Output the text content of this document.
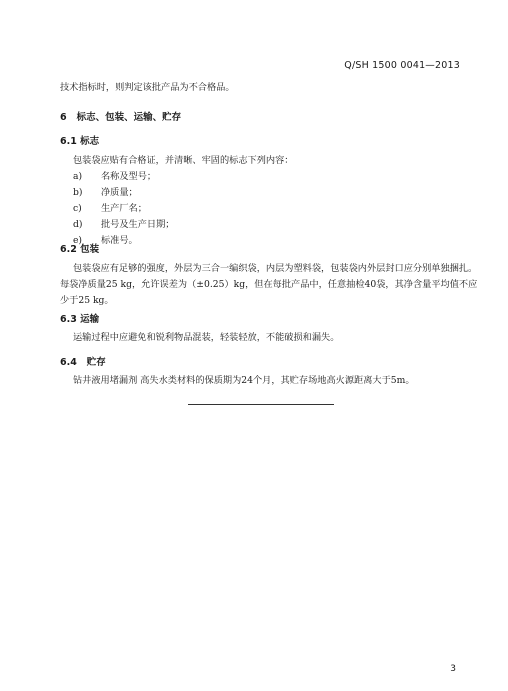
Q/SH 1500 0041—2013
技术指标时，则判定该批产品为不合格品。
6 标志、包装、运输、贮存
6.1 标志
包装袋应贴有合格证，并清晰、牢固的标志下列内容：
a)	名称及型号；
b)	净质量；
c)	生产厂名；
d)	批号及生产日期；
e)	标准号。
6.2 包装
包装袋应有足够的强度，外层为三合一编织袋，内层为塑料袋，包装袋内外层封口应分别单独捆扎。
每袋净质量25 kg，允许误差为（±0.25）kg，但在每批产品中，任意抽检40袋，其净含量平均值不应
少于25 kg。
6.3 运输
运输过程中应避免和锐利物品混装，轻装轻放，不能破损和漏失。
6.4 贮存
钻井液用堵漏剂 高失水类材料的保质期为24个月，其贮存场地高火源距离大于5m。
3
